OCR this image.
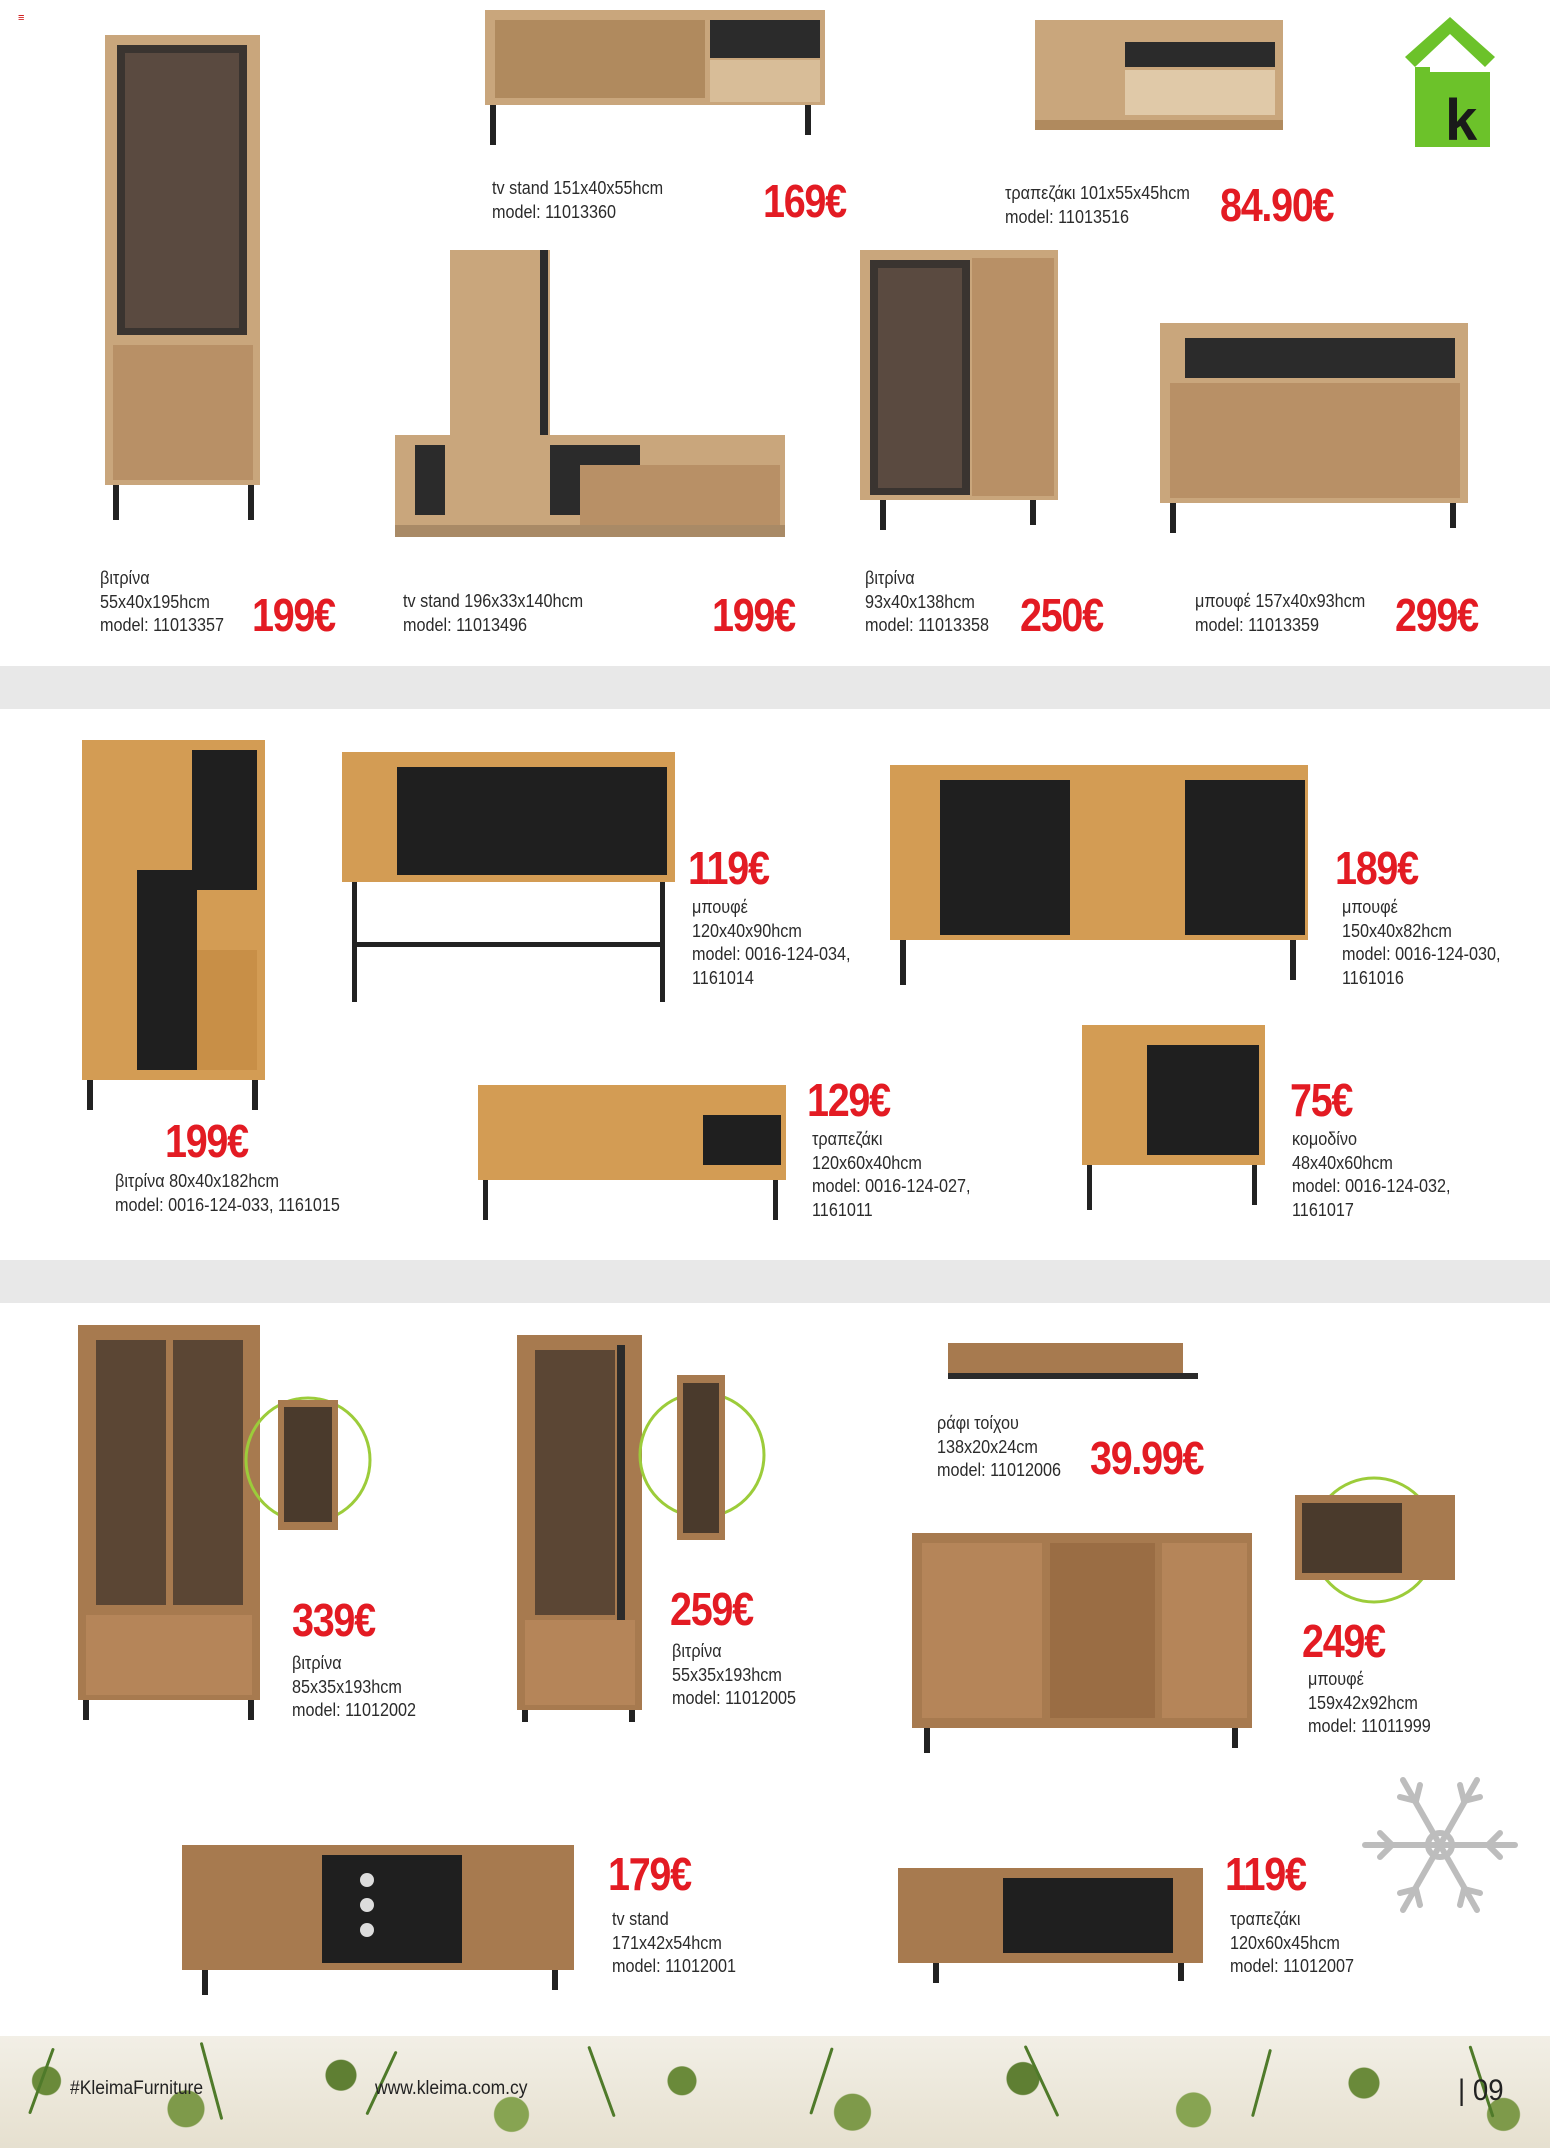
≡
k
tv stand 151x40x55hcm
model: 11013360	169€	τραπεζάκι 101x55x45hcm
model: 11013516	84.90€
βιτρίνα
55x40x195hcm
model: 11013357 199€	tv stand 196x33x140hcm
model: 11013496	199€
βιτρίνα
93x40x138hcm
model: 11013358 250€	μπουφέ 157x40x93hcm
model: 11013359	299€
199€
βιτρίνα 80x40x182hcm
model: 0016-124-033, 1161015
119€
μπουφέ
120x40x90hcm
model: 0016-124-034,
1161014
189€
μπουφέ
150x40x82hcm
model: 0016-124-030,
1161016
129€
τραπεζάκι
120x60x40hcm
model: 0016-124-027,
1161011
75€
κομοδίνο
48x40x60hcm
model: 0016-124-032,
1161017
339€
βιτρίνα
85x35x193hcm
model: 11012002
259€
βιτρίνα
55x35x193hcm
model: 11012005
ράφι τοίχου
138x20x24cm
model: 11012006 39.99€
249€
μπουφέ
159x42x92hcm
model: 11011999
179€
tv stand
171x42x54hcm
model: 11012001
119€
τραπεζάκι
120x60x45hcm
model: 11012007
#KleimaFurniture	www.kleima.com.cy	| 09
